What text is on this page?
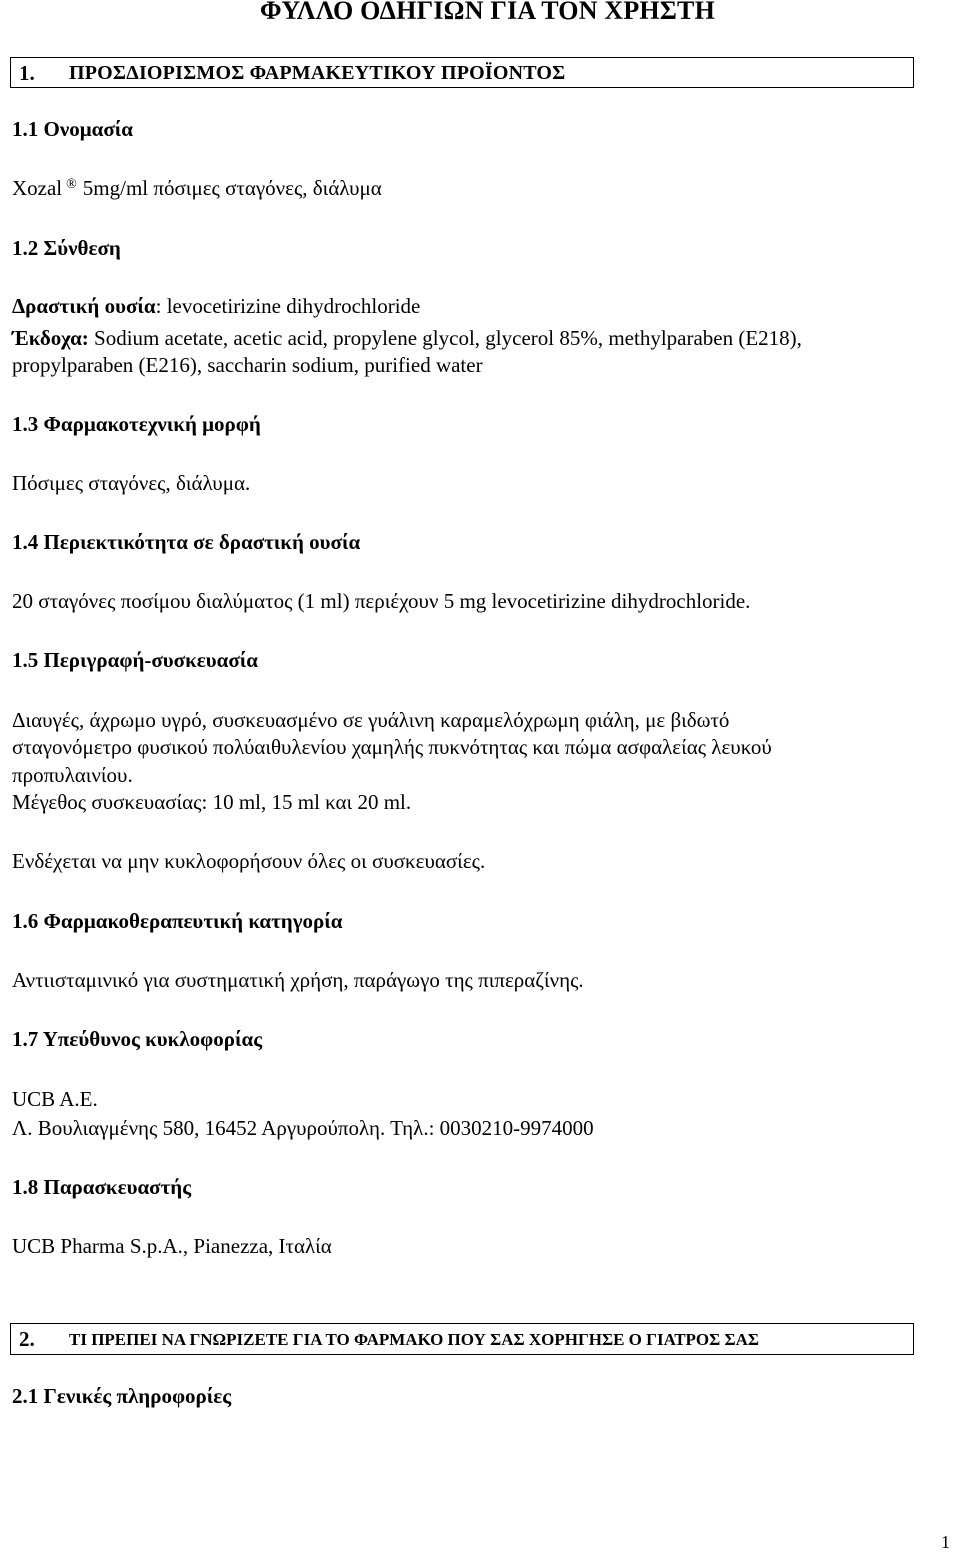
ΦΥΛΛΟ ΟΔΗΓΙΩΝ ΓΙΑ ΤΟΝ ΧΡΗΣΤΗ
1. ΠΡΟΣΔΙΟΡΙΣΜΟΣ ΦΑΡΜΑΚΕΥΤΙΚΟΥ ΠΡΟΪΟΝΤΟΣ
1.1 Ονομασία
Xozal ® 5mg/ml πόσιμες σταγόνες, διάλυμα
1.2 Σύνθεση
Δραστική ουσία: levocetirizine dihydrochloride
Έκδοχα: Sodium acetate, acetic acid, propylene glycol, glycerol 85%, methylparaben (E218),
propylparaben (E216), saccharin sodium, purified water
1.3 Φαρμακοτεχνική μορφή
Πόσιμες σταγόνες, διάλυμα.
1.4 Περιεκτικότητα σε δραστική ουσία
20 σταγόνες ποσίμου διαλύματος (1 ml) περιέχουν 5 mg levocetirizine dihydrochloride.
1.5 Περιγραφή-συσκευασία
Διαυγές, άχρωμο υγρό, συσκευασμένο σε γυάλινη καραμελόχρωμη φιάλη, με βιδωτό
σταγονόμετρο φυσικού πολύαιθυλενίου χαμηλής πυκνότητας και πώμα ασφαλείας λευκού
προπυλαινίου.
Μέγεθος συσκευασίας: 10 ml, 15 ml και 20 ml.
Ενδέχεται να μην κυκλοφορήσουν όλες οι συσκευασίες.
1.6 Φαρμακοθεραπευτική κατηγορία
Αντιισταμινικό για συστηματική χρήση, παράγωγο της πιπεραζίνης.
1.7 Υπεύθυνος κυκλοφορίας
UCB A.E.
Λ. Βουλιαγμένης 580, 16452 Αργυρούπολη. Τηλ.: 0030210-9974000
1.8 Παρασκευαστής
UCB Pharma S.p.A., Pianezza, Ιταλία
2. ΤΙ ΠΡΕΠΕΙ ΝΑ ΓΝΩΡΙΖΕΤΕ ΓΙΑ ΤΟ ΦΑΡΜΑΚΟ ΠΟΥ ΣΑΣ ΧΟΡΗΓΗΣΕ Ο ΓΙΑΤΡΟΣ ΣΑΣ
2.1 Γενικές πληροφορίες
1
